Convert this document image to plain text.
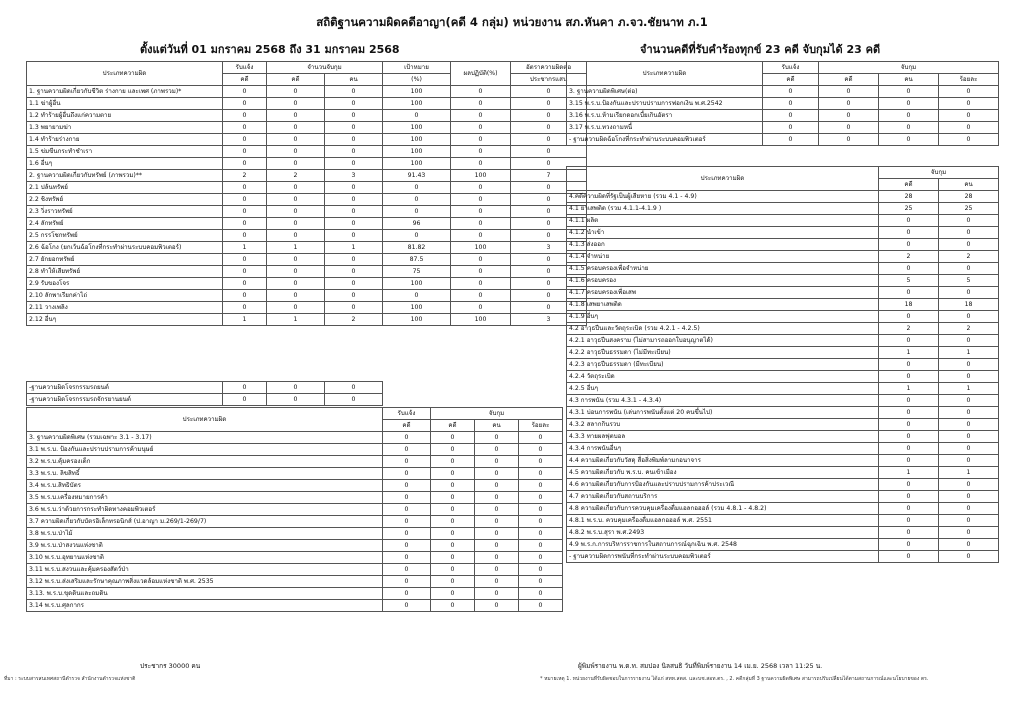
สถิติฐานความผิดคดีอาญา(คดี 4 กลุ่ม) หน่วยงาน สภ.หันคา ภ.จว.ชัยนาท ภ.1
ตั้งแต่วันที่ 01 มกราคม 2568 ถึง 31 มกราคม 2568	จำนวนคดีที่รับคำร้องทุกข์ 23 คดี จับกุมได้ 23 คดี
ประเภทความผิด	รับแจ้ง	จำนวนจับกุม		เป้าหมาย	ผลปฏิบัติ(%)	อัตราความผิดต่อ
	คดี	คดี	คน	(%)		ประชากรแสน
1. ฐานความผิดเกี่ยวกับชีวิต ร่างกาย และเพศ (ภาพรวม)*	0	0	0	100	0	0
1.1 ฆ่าผู้อื่น	0	0	0	100	0	0
1.2 ทำร้ายผู้อื่นถึงแก่ความตาย	0	0	0	0	0	0
1.3 พยายามฆ่า	0	0	0	100	0	0
1.4 ทำร้ายร่างกาย	0	0	0	100	0	0
1.5 ข่มขืนกระทำชำเรา	0	0	0	100	0	0
1.6 อื่นๆ	0	0	0	100	0	0
2. ฐานความผิดเกี่ยวกับทรัพย์ (ภาพรวม)**	2	2	3	91.43	100	7
2.1 ปล้นทรัพย์	0	0	0	0	0	0
2.2 ชิงทรัพย์	0	0	0	0	0	0
2.3 วิ่งราวทรัพย์	0	0	0	0	0	0
2.4 ลักทรัพย์	0	0	0	96	0	0
2.5 กรรโชกทรัพย์	0	0	0	0	0	0
2.6 ฉ้อโกง (ยกเว้นฉ้อโกงที่กระทำผ่านระบบคอมพิวเตอร์)	1	1	1	81.82	100	3
2.7 ยักยอกทรัพย์	0	0	0	87.5	0	0
2.8 ทำให้เสียทรัพย์	0	0	0	75	0	0
2.9 รับของโจร	0	0	0	100	0	0
2.10 ลักพาเรียกค่าไถ่	0	0	0	0	0	0
2.11 วางเพลิง	0	0	0	100	0	0
2.12 อื่นๆ	1	1	2	100	100	3
-ฐานความผิดโจรกรรมรถยนต์	0	0	0
-ฐานความผิดโจรกรรมรถจักรยานยนต์	0	0	0
ประเภทความผิด	รับแจ้ง	จับกุม		
	คดี	คดี	คน	ร้อยละ
3. ฐานความผิดพิเศษ (รวมเฉพาะ 3.1 - 3.17)	0	0	0	0
3.1 พ.ร.บ. ป้องกันและปราบปรามการค้ามนุษย์	0	0	0	0
3.2 พ.ร.บ.คุ้มครองเด็ก	0	0	0	0
3.3 พ.ร.บ. ลิขสิทธิ์	0	0	0	0
3.4 พ.ร.บ.สิทธิบัตร	0	0	0	0
3.5 พ.ร.บ.เครื่องหมายการค้า	0	0	0	0
3.6 พ.ร.บ.ว่าด้วยการกระทำผิดทางคอมพิวเตอร์	0	0	0	0
3.7 ความผิดเกี่ยวกับบัตรอิเล็กทรอนิกส์ (ป.อาญา ม.269/1-269/7)	0	0	0	0
3.8 พ.ร.บ.ป่าไม้	0	0	0	0
3.9 พ.ร.บ.ป่าสงวนแห่งชาติ	0	0	0	0
3.10 พ.ร.บ.อุทยานแห่งชาติ	0	0	0	0
3.11 พ.ร.บ.สงวนและคุ้มครองสัตว์ป่า	0	0	0	0
3.12 พ.ร.บ.ส่งเสริมและรักษาคุณภาพสิ่งแวดล้อมแห่งชาติ พ.ศ. 2535	0	0	0	0
3.13. พ.ร.บ.ขุดดินและถมดิน	0	0	0	0
3.14 พ.ร.บ.ศุลกากร	0	0	0	0
ประเภทความผิด	รับแจ้ง	จับกุม		
	คดี	คดี	คน	ร้อยละ
3. ฐานความผิดพิเศษ(ต่อ)	0	0	0	0
3.15 พ.ร.บ.ป้องกันและปราบปรามการฟอกเงิน พ.ศ.2542	0	0	0	0
3.16 พ.ร.บ.ห้ามเรียกดอกเบี้ยเกินอัตรา	0	0	0	0
3.17 พ.ร.บ.ทวงถามหนี้	0	0	0	0
- ฐานความผิดฉ้อโกงที่กระทำผ่านระบบคอมพิวเตอร์	0	0	0	0
ประเภทความผิด	จับกุม	
	คดี	คน
4.คดีความผิดที่รัฐเป็นผู้เสียหาย (รวม 4.1 - 4.9)	28	28
4.1 ยาเสพติด (รวม 4.1.1-4.1.9 )	25	25
4.1.1 ผลิต	0	0
4.1.2 นำเข้า	0	0
4.1.3 ส่งออก	0	0
4.1.4 จำหน่าย	2	2
4.1.5 ครอบครองเพื่อจำหน่าย	0	0
4.1.6 ครอบครอง	5	5
4.1.7 ครอบครองเพื่อเสพ	0	0
4.1.8 เสพยาเสพติด	18	18
4.1.9 อื่นๆ	0	0
4.2 อาวุธปืนและวัตถุระเบิด (รวม 4.2.1 - 4.2.5)	2	2
4.2.1 อาวุธปืนสงคราม (ไม่สามารถออกใบอนุญาตได้)	0	0
4.2.2 อาวุธปืนธรรมดา (ไม่มีทะเบียน)	1	1
4.2.3 อาวุธปืนธรรมดา (มีทะเบียน)	0	0
4.2.4 วัตถุระเบิด	0	0
4.2.5 อื่นๆ	1	1
4.3 การพนัน (รวม 4.3.1 - 4.3.4)	0	0
4.3.1 บ่อนการพนัน (เล่นการพนันตั้งแต่ 20 คนขึ้นไป)	0	0
4.3.2 สลากกินรวบ	0	0
4.3.3 ทายผลฟุตบอล	0	0
4.3.4 การพนันอื่นๆ	0	0
4.4 ความผิดเกี่ยวกับวัสดุ สื่อสิ่งพิมพ์ลามกอนาจาร	0	0
4.5 ความผิดเกี่ยวกับ พ.ร.บ. คนเข้าเมือง	1	1
4.6 ความผิดเกี่ยวกับการป้องกันและปราบปรามการค้าประเวณี	0	0
4.7 ความผิดเกี่ยวกับสถานบริการ	0	0
4.8 ความผิดเกี่ยวกับการควบคุมเครื่องดื่มแอลกอฮอล์ (รวม 4.8.1 - 4.8.2)	0	0
4.8.1 พ.ร.บ. ควบคุมเครื่องดื่มแอลกอฮอล์ พ.ศ. 2551	0	0
4.8.2 พ.ร.บ.สุรา พ.ศ.2493	0	0
4.9 พ.ร.ก.การบริหารราชการในสถานการณ์ฉุกเฉิน พ.ศ. 2548	0	0
- ฐานความผิดการพนันที่กระทำผ่านระบบคอมพิวเตอร์	0	0
ประชากร 30000 คน	ผู้พิมพ์รายงาน พ.ต.ท. สมปอง นิลสนธิ วันที่พิมพ์รายงาน 14 เม.ย. 2568 เวลา 11:25 น.
ที่มา : ระบบสารสนเทศสถานีตำรวจ สำนักงานตำรวจแห่งชาติ	* หมายเหตุ 1. หน่วยงานที่รับผิดชอบในการรายงาน ได้แก่ สทท.สตส. และบช.สอท.ตร. , 2. คดีกลุ่มที่ 3 ฐานความผิดพิเศษ สามารถปรับเปลี่ยนได้ตามสถานการณ์และนโยบายของ ตร.
